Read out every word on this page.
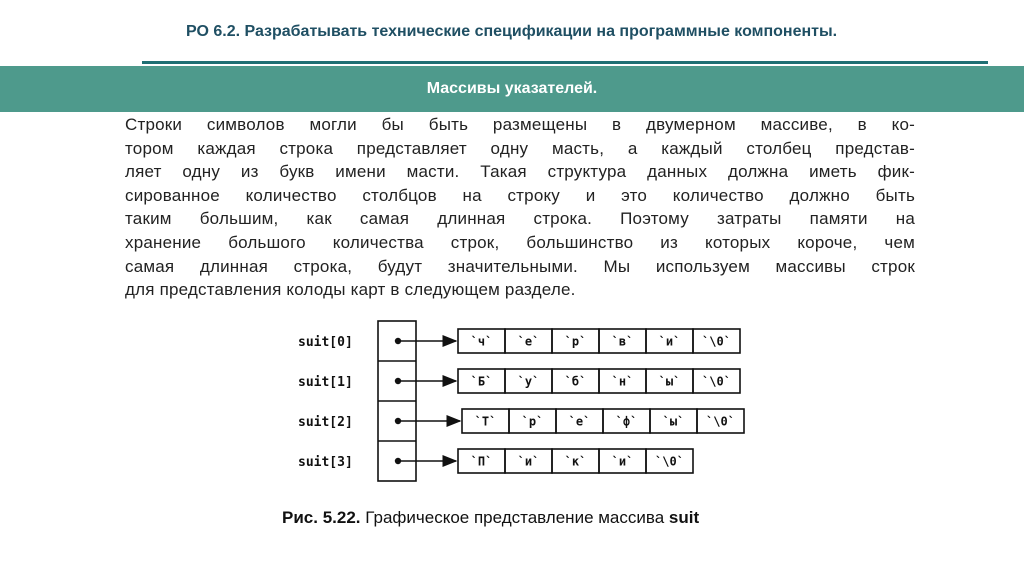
РО 6.2. Разрабатывать технические спецификации на программные компоненты.
Массивы указателей.
Строки символов могли бы быть размещены в двумерном массиве, в ко-
тором каждая строка представляет одну масть, а каждый столбец представ-
ляет одну из букв имени масти. Такая структура данных должна иметь фик-
сированное количество столбцов на строку и это количество должно быть
таким большим, как самая длинная строка. Поэтому затраты памяти на
хранение большого количества строк, большинство из которых короче, чем
самая длинная строка, будут значительными. Мы используем массивы строк
для представления колоды карт в следующем разделе.
suit[0]	`ч` `е` `р` `в` `и` `\0`
suit[1]	`Б` `у` `б` `н` `ы` `\0`
suit[2]	`Т` `р` `е` `ф` `ы` `\0`
suit[3]	`П` `и` `к` `и` `\0`
Рис. 5.22. Графическое представление массива suit
